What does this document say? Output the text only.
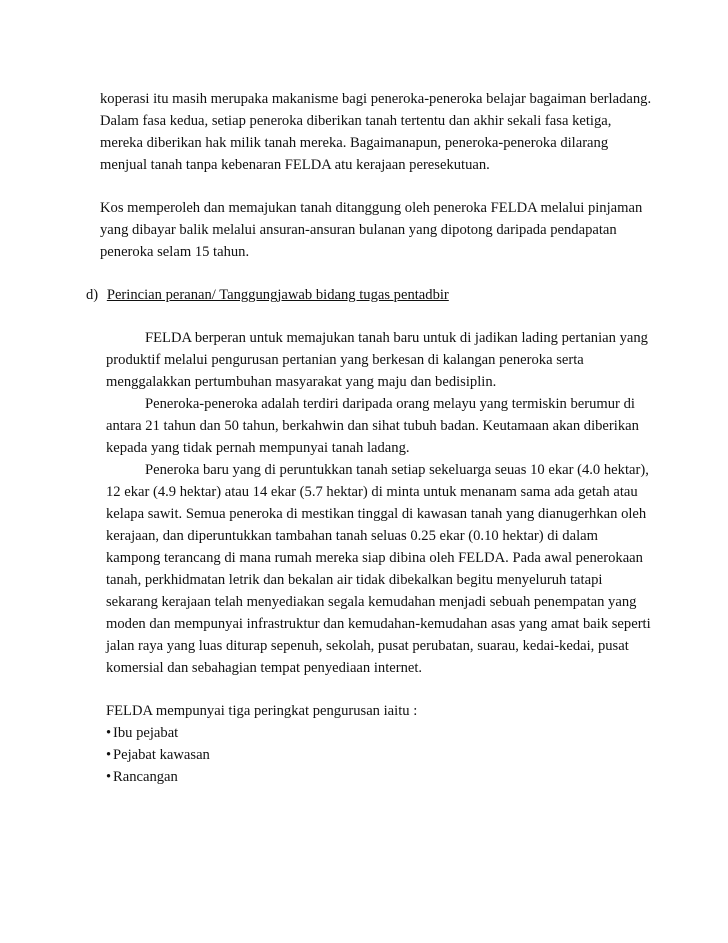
koperasi itu masih merupaka makanisme bagi peneroka-peneroka belajar bagaiman berladang.
Dalam fasa kedua, setiap peneroka diberikan tanah tertentu dan akhir sekali fasa ketiga,
mereka diberikan hak milik tanah mereka. Bagaimanapun, peneroka-peneroka dilarang
menjual tanah tanpa kebenaran FELDA atu kerajaan peresekutuan.
Kos memperoleh dan memajukan tanah ditanggung oleh peneroka FELDA melalui pinjaman
yang dibayar balik melalui ansuran-ansuran bulanan yang dipotong daripada pendapatan
peneroka selam 15 tahun.
d) Perincian peranan/ Tanggungjawab bidang tugas pentadbir
FELDA berperan untuk memajukan tanah baru untuk di jadikan lading pertanian yang
produktif melalui pengurusan pertanian yang berkesan di kalangan peneroka serta
menggalakkan pertumbuhan masyarakat yang maju dan bedisiplin.
Peneroka-peneroka adalah terdiri daripada orang melayu yang termiskin berumur di
antara 21 tahun dan 50 tahun, berkahwin dan sihat tubuh badan. Keutamaan akan diberikan
kepada yang tidak pernah mempunyai tanah ladang.
Peneroka baru yang di peruntukkan tanah setiap sekeluarga seuas 10 ekar (4.0 hektar),
12 ekar (4.9 hektar) atau 14 ekar (5.7 hektar) di minta untuk menanam sama ada getah atau
kelapa sawit. Semua peneroka di mestikan tinggal di kawasan tanah yang dianugerhkan oleh
kerajaan, dan diperuntukkan tambahan tanah seluas 0.25 ekar (0.10 hektar) di dalam
kampong terancang di mana rumah mereka siap dibina oleh FELDA. Pada awal penerokaan
tanah, perkhidmatan letrik dan bekalan air tidak dibekalkan begitu menyeluruh tatapi
sekarang kerajaan telah menyediakan segala kemudahan menjadi sebuah penempatan yang
moden dan mempunyai infrastruktur dan kemudahan-kemudahan asas yang amat baik seperti
jalan raya yang luas diturap sepenuh, sekolah, pusat perubatan, suarau, kedai-kedai, pusat
komersial dan sebahagian tempat penyediaan internet.
FELDA mempunyai tiga peringkat pengurusan iaitu :
• Ibu pejabat
• Pejabat kawasan
• Rancangan
